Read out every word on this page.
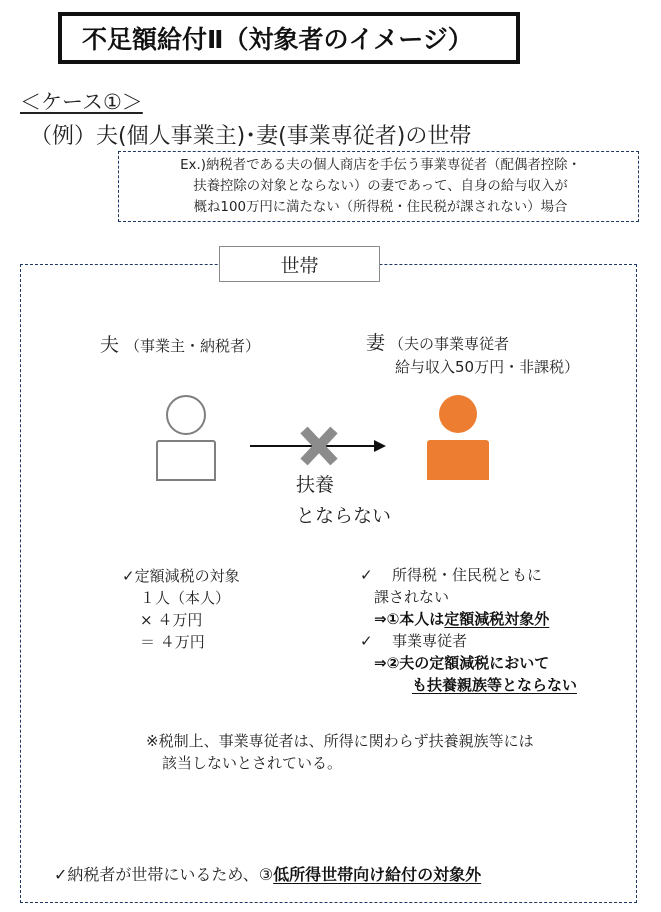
不足額給付Ⅱ（対象者のイメージ）
＜ケース①＞
（例）夫(個人事業主)･妻(事業専従者)の世帯
Ex.)納税者である夫の個人商店を手伝う事業専従者（配偶者控除・
扶養控除の対象とならない）の妻であって、自身の給与収入が
概ね100万円に満たない（所得税・住民税が課されない）場合
世帯
夫 （事業主・納税者）	妻 （夫の事業専従者
給与収入50万円・非課税）
扶養
とならない
✓定額減税の対象
１人（本人）
× ４万円
＝ ４万円
✓ 所得税・住民税ともに
課されない
⇒①本人は定額減税対象外
✓ 事業専従者
⇒②夫の定額減税において
も扶養親族等とならない
※税制上、事業専従者は、所得に関わらず扶養親族等には
該当しないとされている。
✓納税者が世帯にいるため、③低所得世帯向け給付の対象外
